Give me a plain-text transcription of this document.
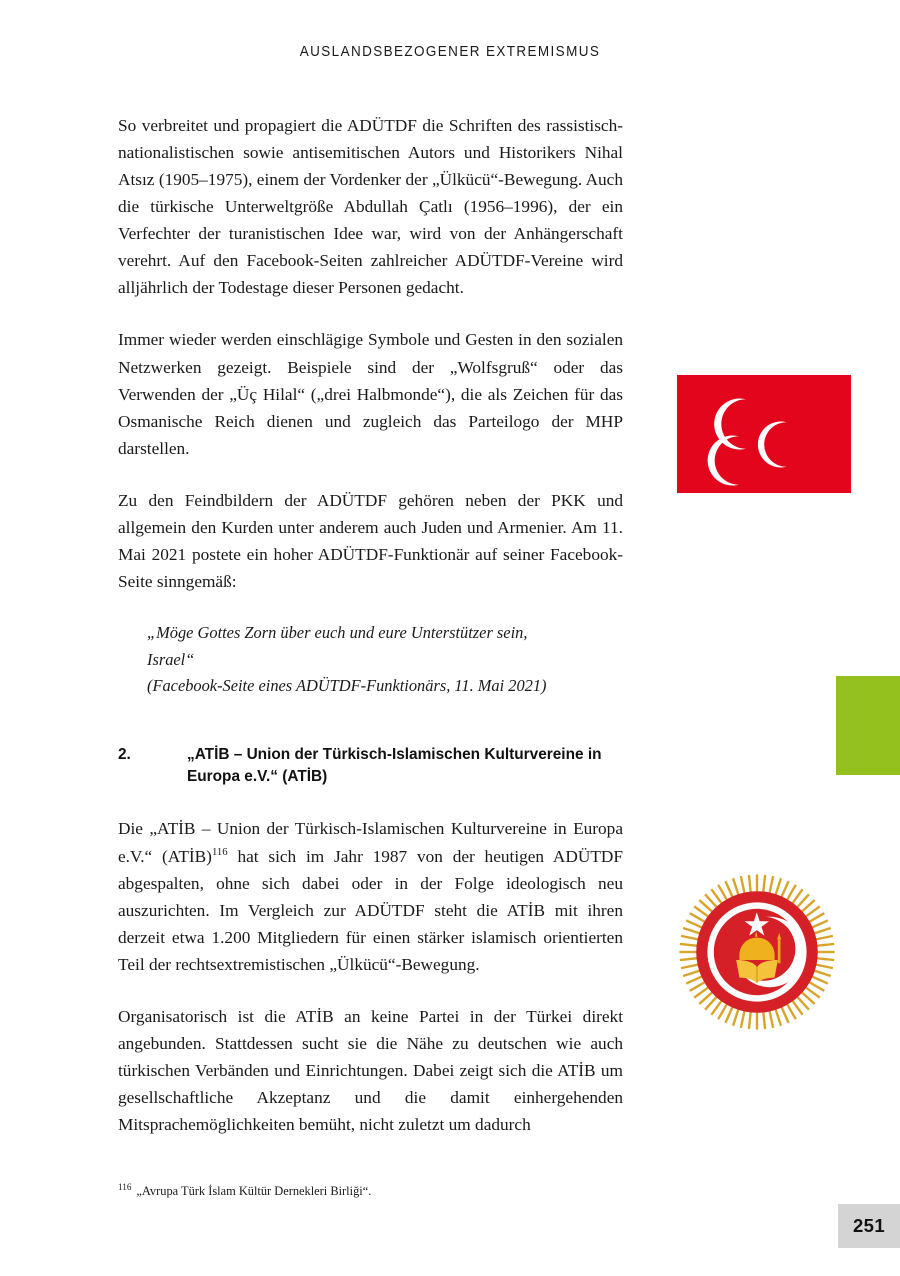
AUSLANDSBEZOGENER EXTREMISMUS

So verbreitet und propagiert die ADÜTDF die Schriften des rassistisch-nationalistischen sowie antisemitischen Autors und Historikers Nihal Atsız (1905–1975), einem der Vordenker der „Ülkücü“-Bewegung. Auch die türkische Unterweltgröße Abdullah Çatlı (1956–1996), der ein Verfechter der turanistischen Idee war, wird von der Anhängerschaft verehrt. Auf den Facebook-Seiten zahlreicher ADÜTDF-Vereine wird alljährlich der Todestage dieser Personen gedacht.

Immer wieder werden einschlägige Symbole und Gesten in den sozialen Netzwerken gezeigt. Beispiele sind der „Wolfsgruß“ oder das Verwenden der „Üç Hilal“ („drei Halbmonde“), die als Zeichen für das Osmanische Reich dienen und zugleich das Parteilogo der MHP darstellen.

Zu den Feindbildern der ADÜTDF gehören neben der PKK und allgemein den Kurden unter anderem auch Juden und Armenier. Am 11. Mai 2021 postete ein hoher ADÜTDF-Funktionär auf seiner Facebook-Seite sinngemäß:

„Möge Gottes Zorn über euch und eure Unterstützer sein,

Israel“

(Facebook-Seite eines ADÜTDF-Funktionärs, 11. Mai 2021)

2.	„ATİB – Union der Türkisch-Islamischen Kulturvereine in Europa e.V.“ (ATİB)

Die „ATİB – Union der Türkisch-Islamischen Kulturvereine in Europa e.V.“ (ATİB)$^{116}$ hat sich im Jahr 1987 von der heutigen ADÜTDF abgespalten, ohne sich dabei oder in der Folge ideologisch neu auszurichten. Im Vergleich zur ADÜTDF steht die ATİB mit ihren derzeit etwa 1.200 Mitgliedern für einen stärker islamisch orientierten Teil der rechtsextremistischen „Ülkücü“-Bewegung.

Organisatorisch ist die ATİB an keine Partei in der Türkei direkt angebunden. Stattdessen sucht sie die Nähe zu deutschen wie auch türkischen Verbänden und Einrichtungen. Dabei zeigt sich die ATİB um gesellschaftliche Akzeptanz und die damit einhergehenden Mitsprachemöglichkeiten bemüht, nicht zuletzt um dadurch

$^{116}$ „Avrupa Türk İslam Kültür Dernekleri Birliği“.
251
